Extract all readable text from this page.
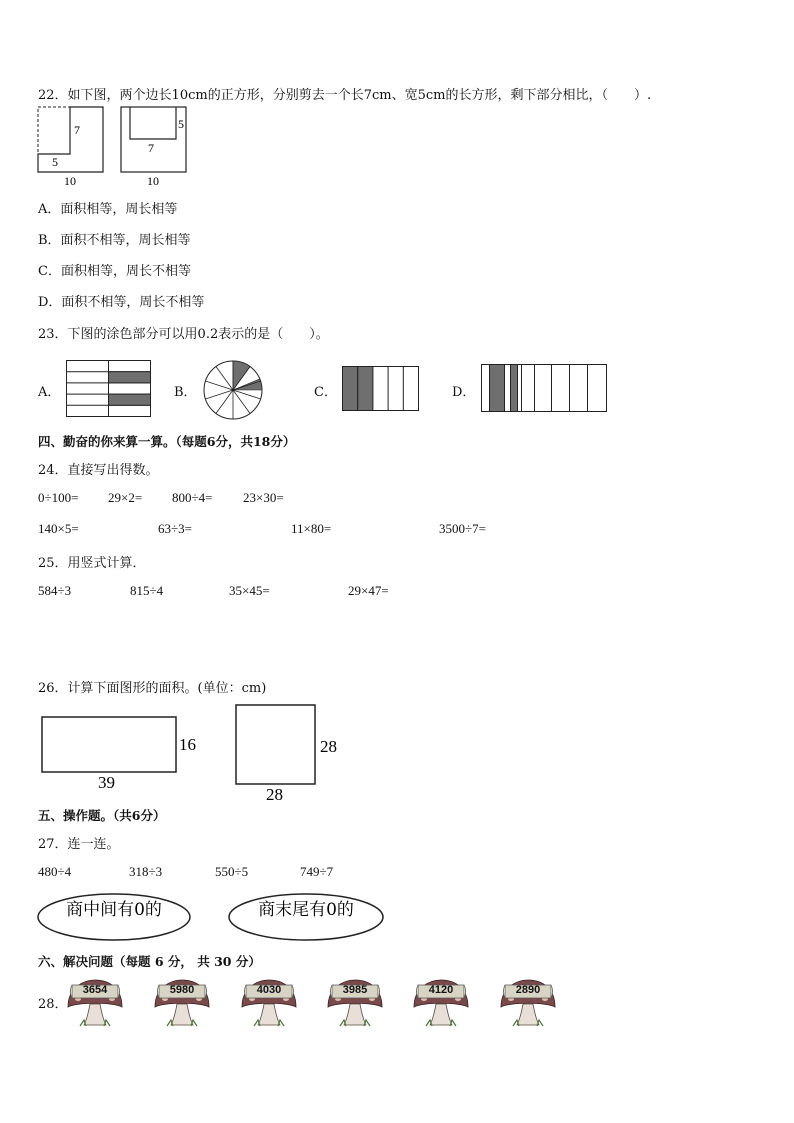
22．如下图，两个边长10cm的正方形，分别剪去一个长7cm、宽5cm的长方形，剩下部分相比，（　　）.
7
5
10
5
7
10
A．面积相等，周长相等
B．面积不相等，周长相等
C．面积相等，周长不相等
D．面积不相等，周长不相等
23．下图的涂色部分可以用0.2表示的是（　　）。
A．	B．	C．	D．
四、勤奋的你来算一算。（每题6分，共18分）
24．直接写出得数。
0÷100= 29×2= 800÷4= 23×30=
140×5=	63÷3=	11×80=	3500÷7=
25．用竖式计算．
584÷3	815÷4	35×45=	29×47=
26．计算下面图形的面积。(单位：cm)
16
39
28
28
五、操作题。（共6分）
27．连一连。
480÷4	318÷3	550÷5	749÷7
商中间有0的	商末尾有0的
六、解决问题（每题 6 分， 共 30 分）
28．
3654	5980	4030	3985	4120	2890
